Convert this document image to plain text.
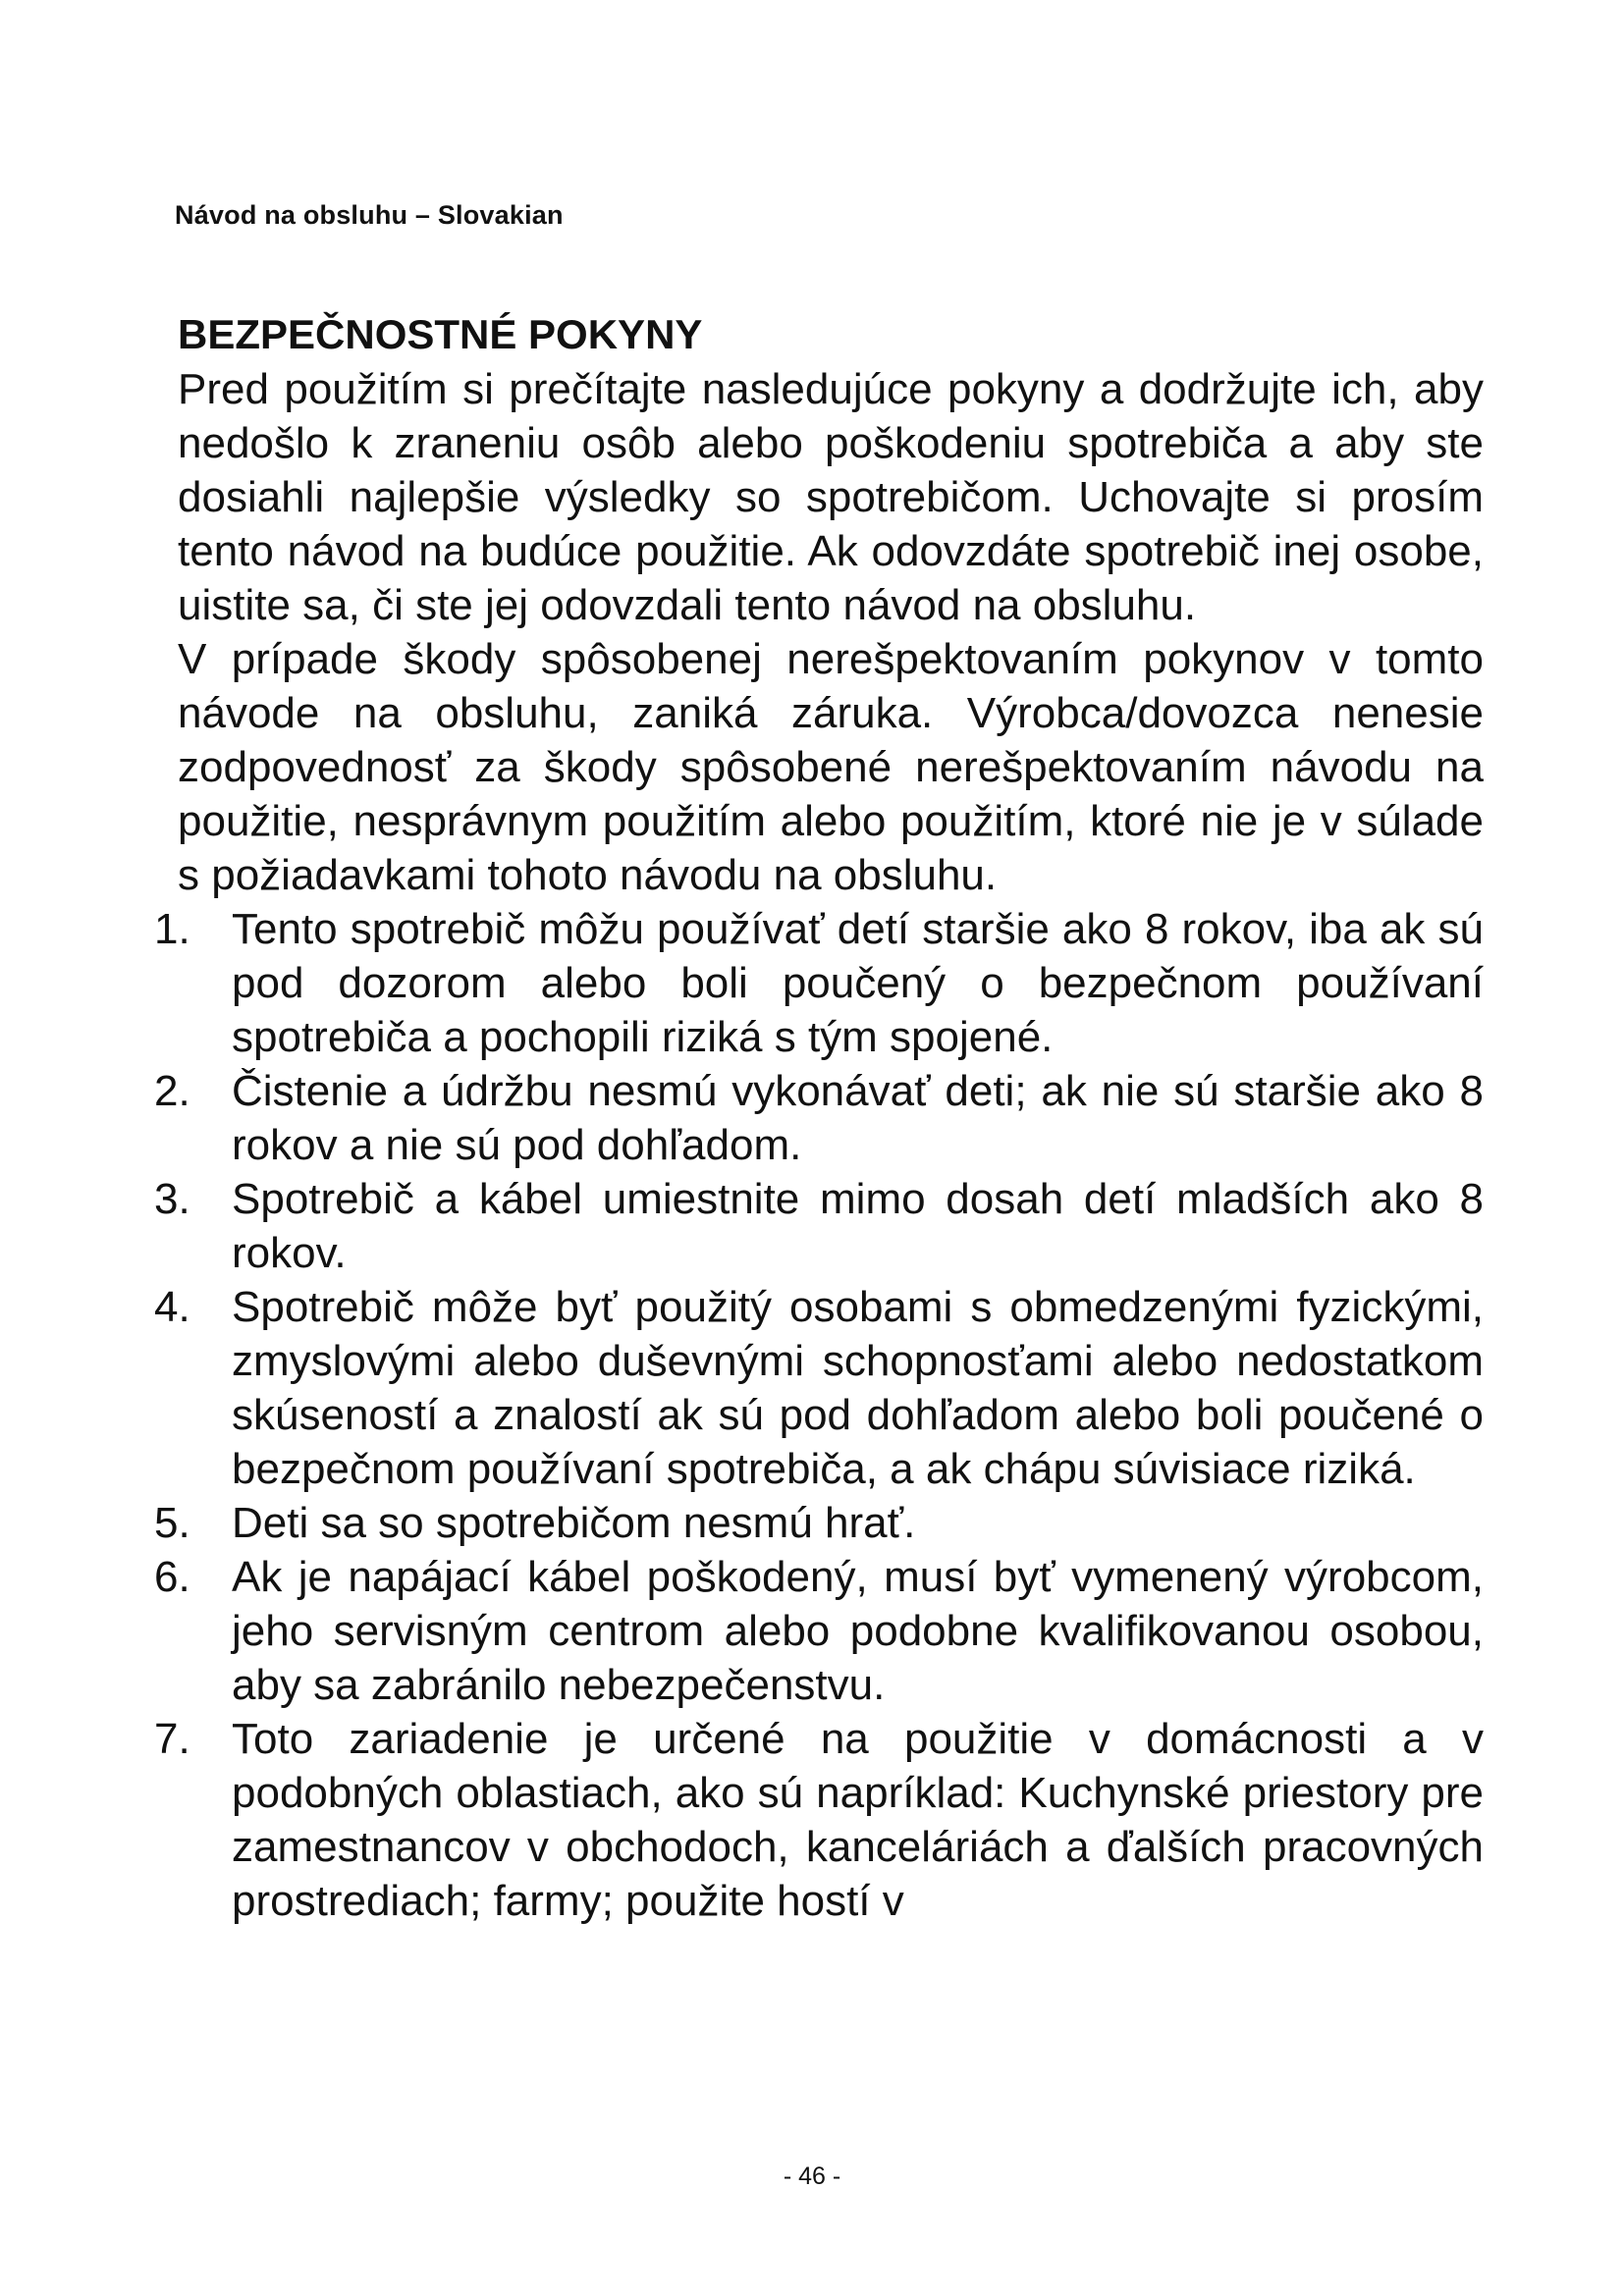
Návod na obsluhu – Slovakian
BEZPEČNOSTNÉ POKYNY

Pred použitím si prečítajte nasledujúce pokyny a dodržujte ich, aby nedošlo k zraneniu osôb alebo poškodeniu spotrebiča a aby ste dosiahli najlepšie výsledky so spotrebičom. Uchovajte si prosím tento návod na budúce použitie. Ak odovzdáte spotrebič inej osobe, uistite sa, či ste jej odovzdali tento návod na obsluhu.

V prípade škody spôsobenej nerešpektovaním pokynov v tomto návode na obsluhu, zaniká záruka. Výrobca/dovozca nenesie zodpovednosť za škody spôsobené nerešpektovaním návodu na použitie, nesprávnym použitím alebo použitím, ktoré nie je v súlade s požiadavkami tohoto návodu na obsluhu.

1. Tento spotrebič môžu používať detí staršie ako 8 rokov, iba ak sú pod dozorom alebo boli poučený o bezpečnom používaní spotrebiča a pochopili riziká s tým spojené.
2. Čistenie a údržbu nesmú vykonávať deti; ak nie sú staršie ako 8 rokov a nie sú pod dohľadom.
3. Spotrebič a kábel umiestnite mimo dosah detí mladších ako 8 rokov.
4. Spotrebič môže byť použitý osobami s obmedzenými fyzickými, zmyslovými alebo duševnými schopnosťami alebo nedostatkom skúseností a znalostí ak sú pod dohľadom alebo boli poučené o bezpečnom používaní spotrebiča, a ak chápu súvisiace riziká.
5. Deti sa so spotrebičom nesmú hrať.
6. Ak je napájací kábel poškodený, musí byť vymenený výrobcom, jeho servisným centrom alebo podobne kvalifikovanou osobou, aby sa zabránilo nebezpečenstvu.
7. Toto zariadenie je určené na použitie v domácnosti a v podobných oblastiach, ako sú napríklad: Kuchynské priestory pre zamestnancov v obchodoch, kanceláriách a ďalších pracovných prostrediach; farmy; použite hostí v
- 46 -
